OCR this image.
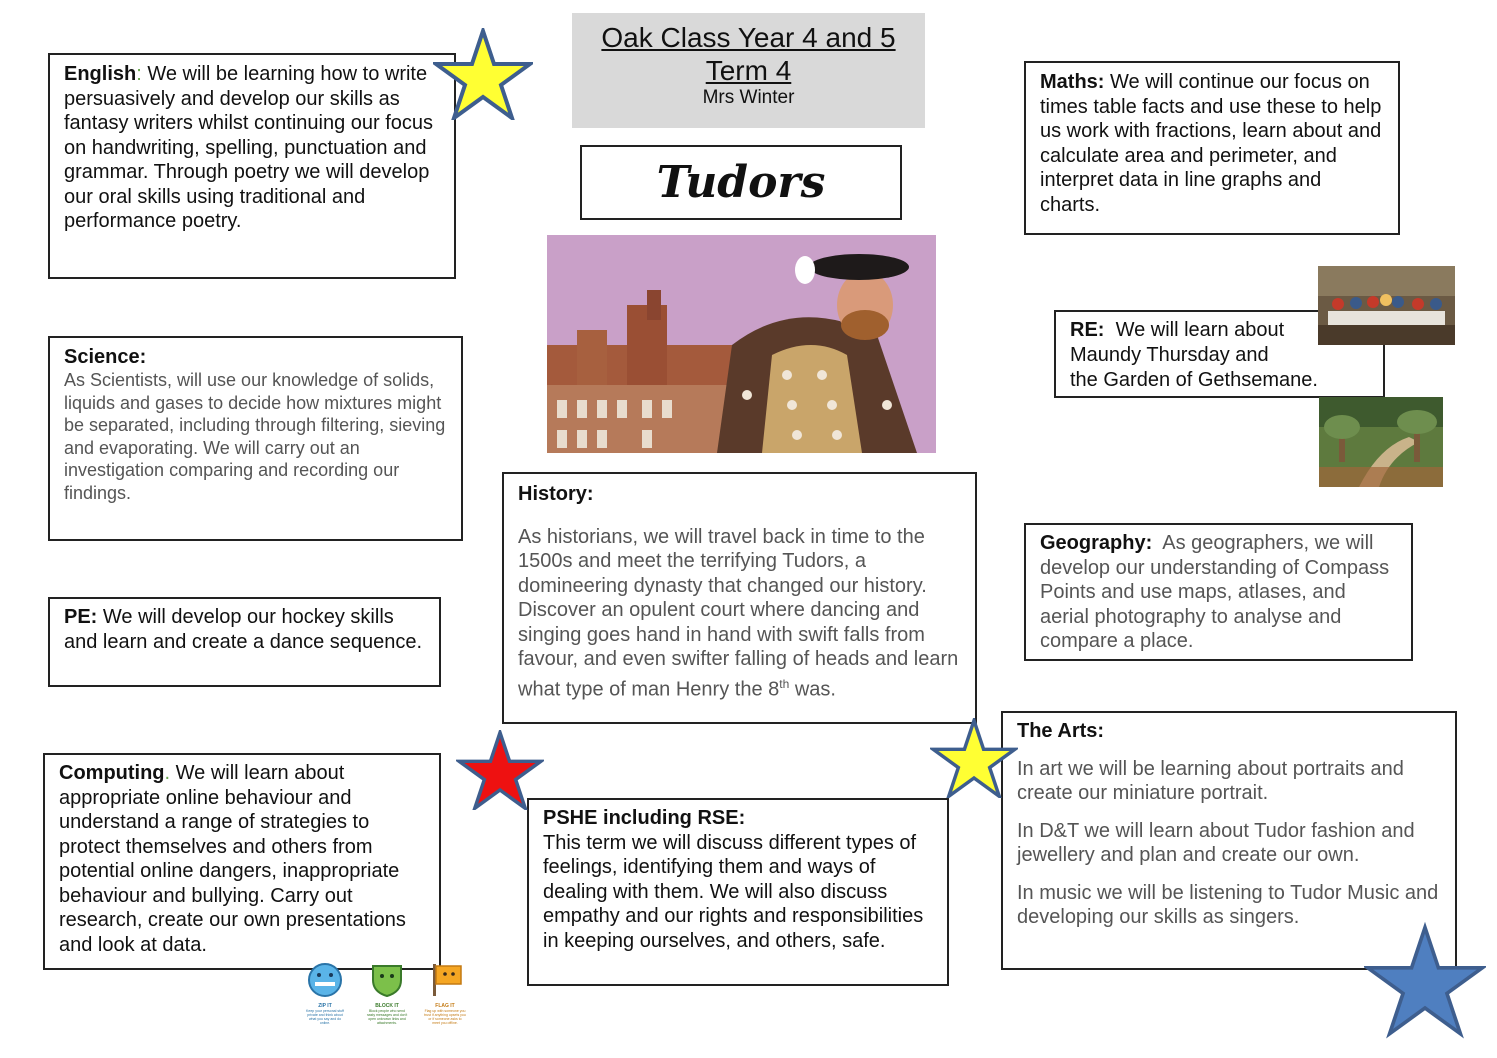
Oak Class Year 4 and 5
Term 4
Mrs Winter
Tudors

English: We will be learning how to write persuasively and develop our skills as fantasy writers whilst continuing our focus on handwriting, spelling, punctuation and grammar. Through poetry we will develop our oral skills using traditional and performance poetry.

Maths: We will continue our focus on times table facts and use these to help us work with fractions, learn about and calculate area and perimeter, and interpret data in line graphs and charts.

Science:

As Scientists, will use our knowledge of solids, liquids and gases to decide how mixtures might be separated, including through filtering, sieving and evaporating. We will carry out an investigation comparing and recording our findings.

PE: We will develop our hockey skills and learn and create a dance sequence.

Computing. We will learn about appropriate online behaviour and understand a range of strategies to protect themselves and others from potential online dangers, inappropriate behaviour and bullying. Carry out research, create our own presentations and look at data.

History:

As historians, we will travel back in time to the 1500s and meet the terrifying Tudors, a domineering dynasty that changed our history. Discover an opulent court where dancing and singing goes hand in hand with swift falls from favour, and even swifter falling of heads and learn what type of man Henry the 8th was.

PSHE including RSE:

This term we will discuss different types of feelings, identifying them and ways of dealing with them. We will also discuss empathy and our rights and responsibilities in keeping ourselves, and others, safe.

RE:  We will learn about

Maundy Thursday and

the Garden of Gethsemane.

Geography:  As geographers, we will develop our understanding of Compass Points and use maps, atlases, and aerial photography to analyse and compare a place.

The Arts:

In art we will be learning about portraits and create our miniature portrait.

In D&T we will learn about Tudor fashion and jewellery and plan and create our own.

In music we will be listening to Tudor Music and developing our skills as singers.

ZIP IT
Keep your personal stuff private and think about what you say and do online.
BLOCK IT
Block people who send nasty messages and don't open unknown links and attachments.
FLAG IT
Flag up with someone you trust if anything upsets you or if someone asks to meet you offline.
